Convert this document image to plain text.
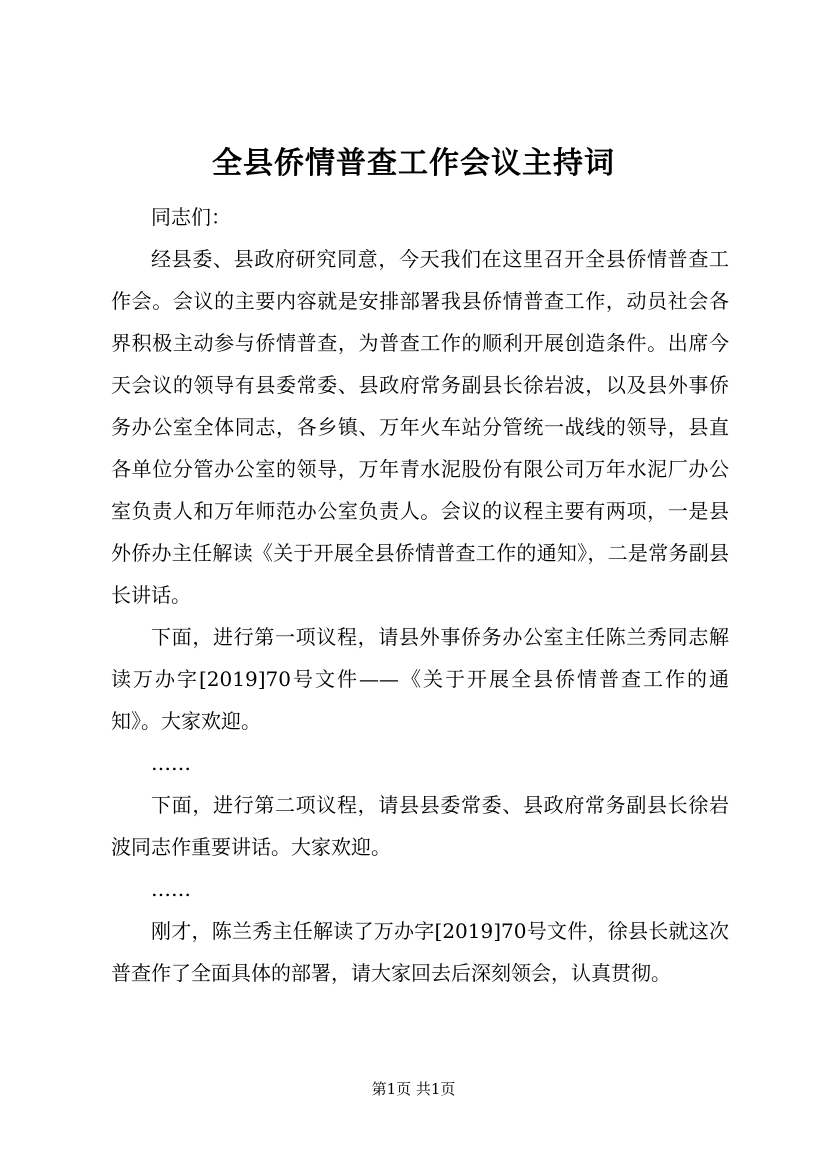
全县侨情普查工作会议主持词

同志们：

经县委、县政府研究同意，今天我们在这里召开全县侨情普查工作会。会议的主要内容就是安排部署我县侨情普查工作，动员社会各界积极主动参与侨情普查，为普查工作的顺利开展创造条件。出席今天会议的领导有县委常委、县政府常务副县长徐岩波，以及县外事侨务办公室全体同志，各乡镇、万年火车站分管统一战线的领导，县直各单位分管办公室的领导，万年青水泥股份有限公司万年水泥厂办公室负责人和万年师范办公室负责人。会议的议程主要有两项，一是县外侨办主任解读《关于开展全县侨情普查工作的通知》，二是常务副县长讲话。

下面，进行第一项议程，请县外事侨务办公室主任陈兰秀同志解读万办字[2019]70号文件——《关于开展全县侨情普查工作的通知》。大家欢迎。

……

下面，进行第二项议程，请县县委常委、县政府常务副县长徐岩波同志作重要讲话。大家欢迎。

……

刚才，陈兰秀主任解读了万办字[2019]70号文件，徐县长就这次普查作了全面具体的部署，请大家回去后深刻领会，认真贯彻。

第1页 共1页
